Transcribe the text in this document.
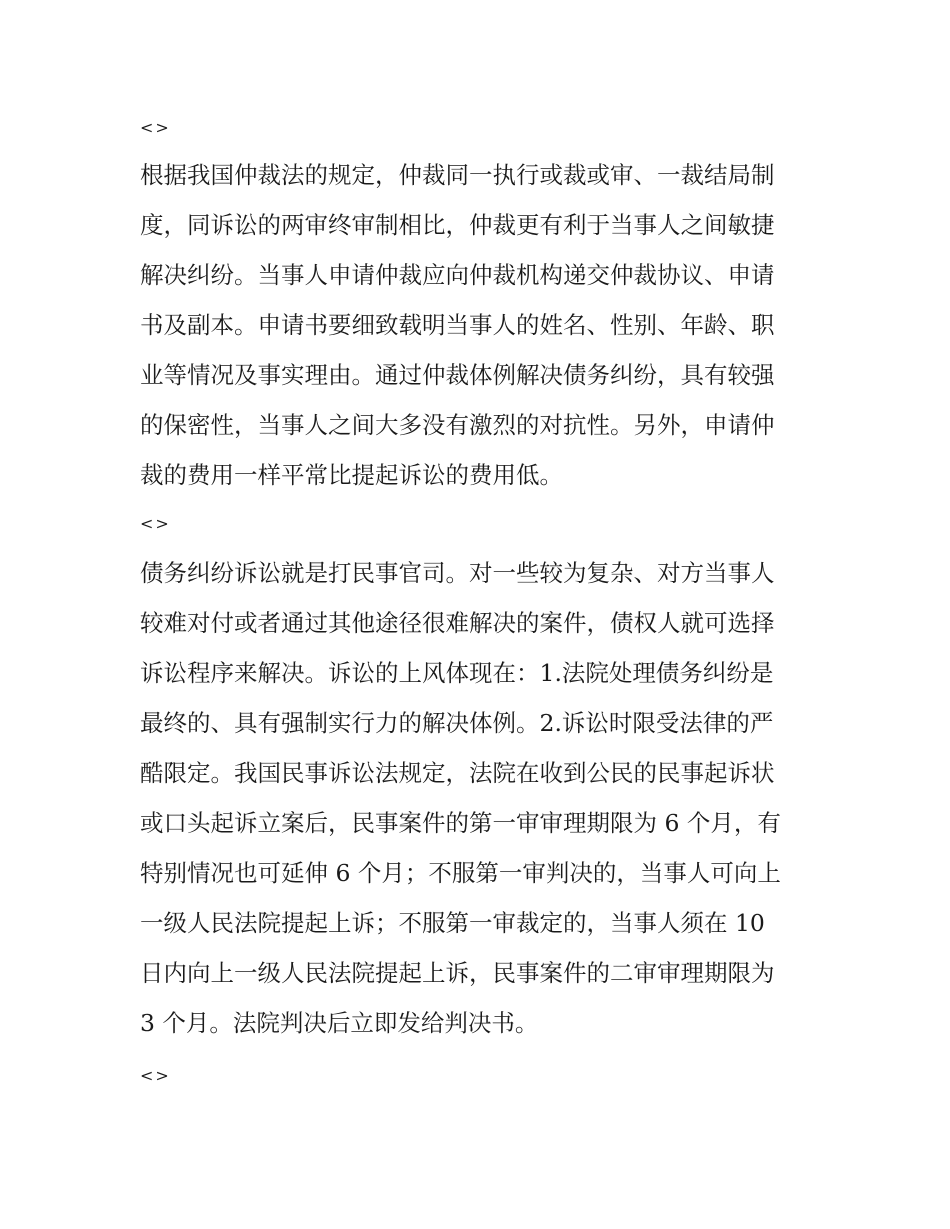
<>
根据我国仲裁法的规定，仲裁同一执行或裁或审、一裁结局制
度，同诉讼的两审终审制相比，仲裁更有利于当事人之间敏捷
解决纠纷。当事人申请仲裁应向仲裁机构递交仲裁协议、申请
书及副本。申请书要细致载明当事人的姓名、性别、年龄、职
业等情况及事实理由。通过仲裁体例解决债务纠纷，具有较强
的保密性，当事人之间大多没有激烈的对抗性。另外，申请仲
裁的费用一样平常比提起诉讼的费用低。
<>
债务纠纷诉讼就是打民事官司。对一些较为复杂、对方当事人
较难对付或者通过其他途径很难解决的案件，债权人就可选择
诉讼程序来解决。诉讼的上风体现在：1.法院处理债务纠纷是
最终的、具有强制实行力的解决体例。2.诉讼时限受法律的严
酷限定。我国民事诉讼法规定，法院在收到公民的民事起诉状
或口头起诉立案后，民事案件的第一审审理期限为 6 个月，有
特别情况也可延伸 6 个月；不服第一审判决的，当事人可向上
一级人民法院提起上诉；不服第一审裁定的，当事人须在 10
日内向上一级人民法院提起上诉，民事案件的二审审理期限为
3 个月。法院判决后立即发给判决书。
<>
